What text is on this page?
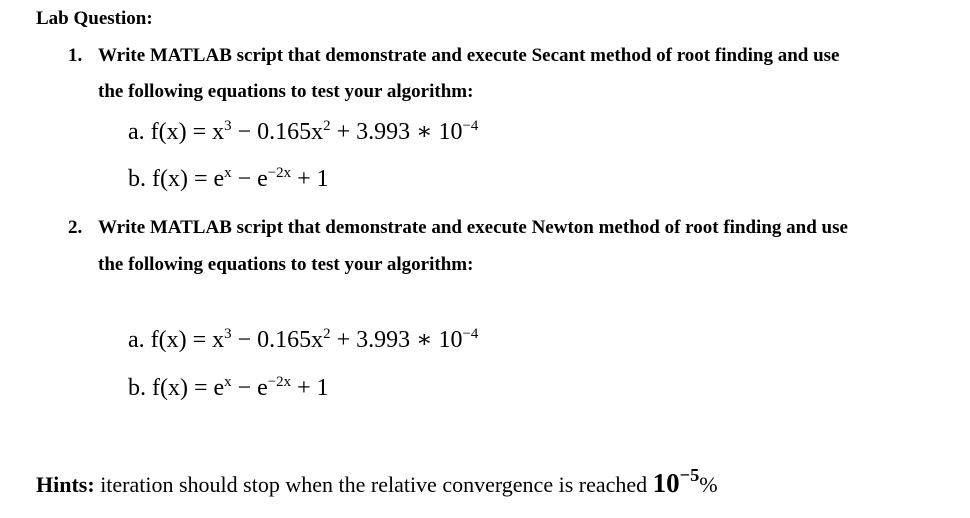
Lab Question:
1. Write MATLAB script that demonstrate and execute Secant method of root finding and use
the following equations to test your algorithm:
a. $f(x) = x^3 - 0.165x^2 + 3.993$ ∗ $10^{-4}$
b. $f(x) = e^x - e^{-2x} + 1$
2. Write MATLAB script that demonstrate and execute Newton method of root finding and use
the following equations to test your algorithm:
a. $f(x) = x^3 - 0.165x^2 + 3.993$ ∗ $10^{-4}$
b. $f(x) = e^x - e^{-2x} + 1$
Hints: iteration should stop when the relative convergence is reached $10^{-5}\%$
